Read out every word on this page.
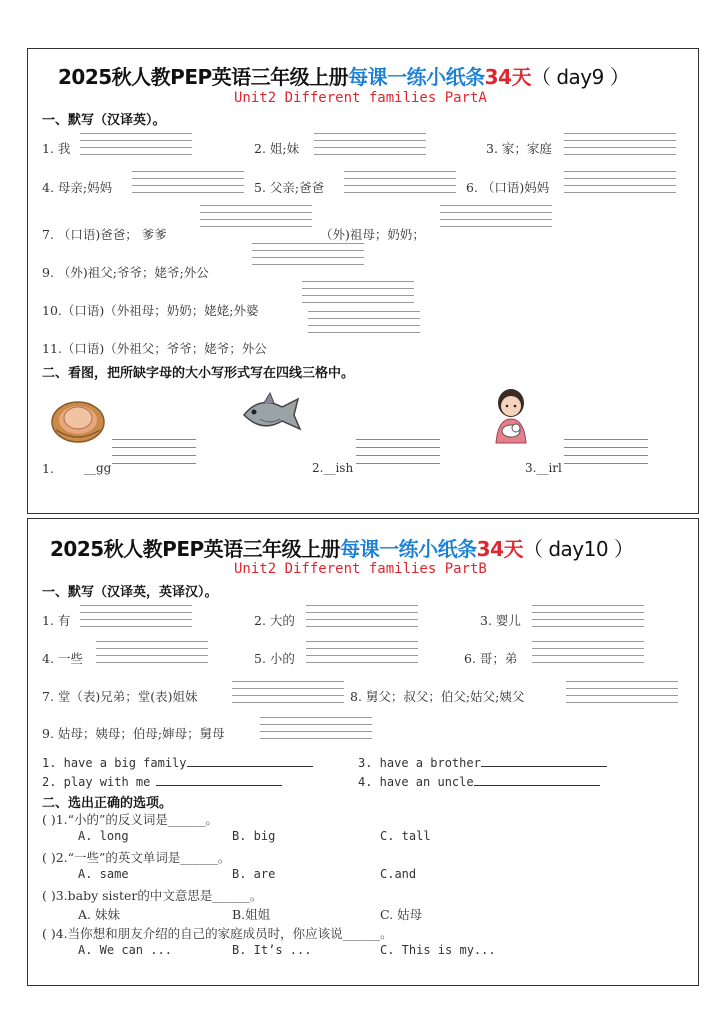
2025秋人教PEP英语三年级上册每课一练小纸条34天（ day9 ）
Unit2 Different families PartA
一、默写（汉译英）。
1. 我	2. 姐;妹	3. 家；家庭
4. 母亲;妈妈	5. 父亲;爸爸	6. （口语)妈妈
7. （口语)爸爸； 爹爹	（外)祖母；奶奶；
9. （外)祖父;爷爷；姥爷;外公
10.（口语)（外祖母；奶奶；姥姥;外婆
11.（口语)（外祖父；爷爷；姥爷；外公
二、看图，把所缺字母的大小写形式写在四线三格中。
1.	__gg	2.__ish	3.__irl
2025秋人教PEP英语三年级上册每课一练小纸条34天（ day10 ）
Unit2 Different families PartB
一、默写（汉译英，英译汉）。
1. 有	2. 大的	3. 婴儿
4. 一些	5. 小的	6. 哥；弟
7. 堂（表)兄弟；堂(表)姐妹	8. 舅父；叔父；伯父;姑父;姨父
9. 姑母；姨母；伯母;婶母；舅母
1. have a big family	3. have a brother
2. play with me	4. have an uncle
二、选出正确的选项。
( )1.“小的”的反义词是______。
A. long	B. big	C. tall
( )2.“一些”的英文单词是______。
A. same	B. are	C.and
( )3.baby sister的中文意思是______。
A. 妹妹	B.姐姐	C. 姑母
( )4.当你想和朋友介绍的自己的家庭成员时，你应该说______。
A. We can ...	B. It’s ...	C. This is my...
